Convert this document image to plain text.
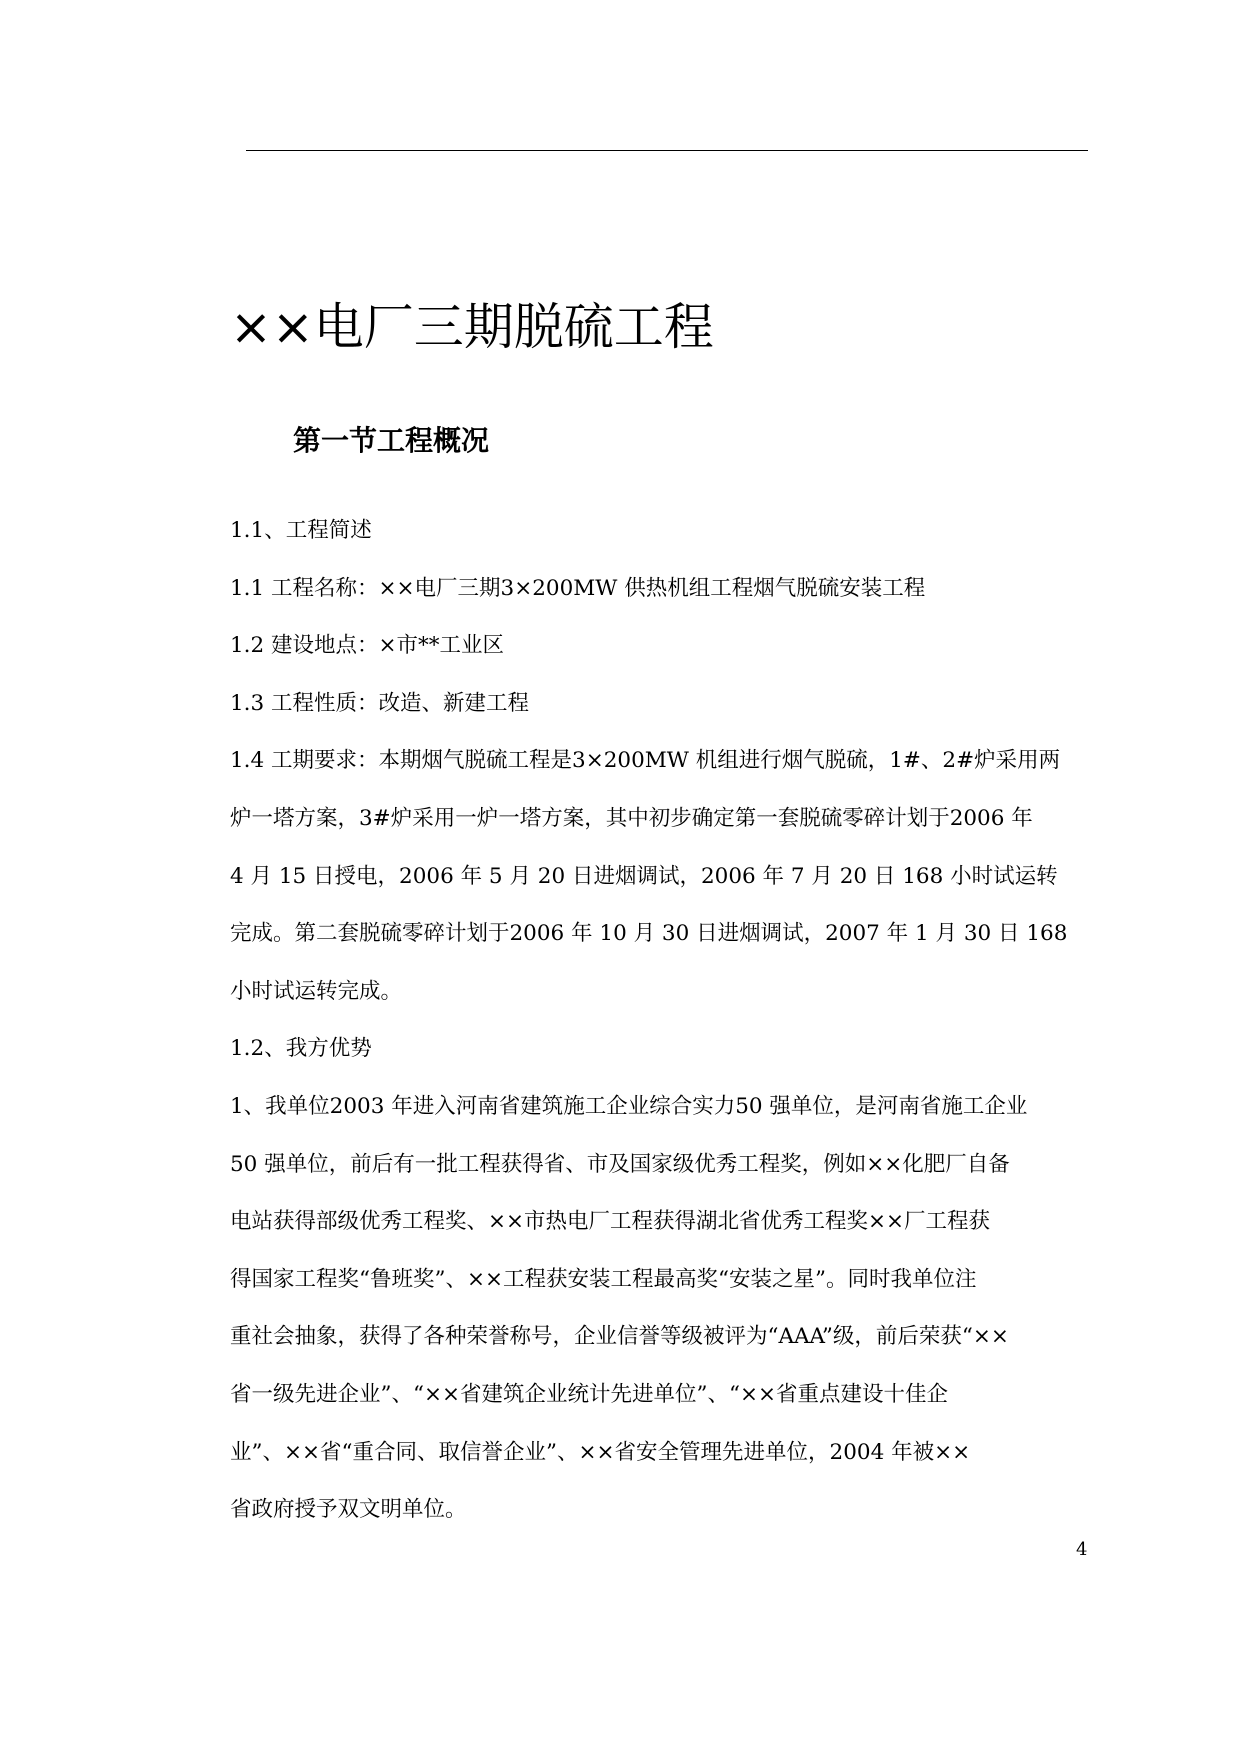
××电厂三期脱硫工程
第一节工程概况
1.1、工程简述
1.1 工程名称：××电厂三期3×200MW 供热机组工程烟气脱硫安装工程
1.2 建设地点：×市**工业区
1.3 工程性质：改造、新建工程
1.4 工期要求：本期烟气脱硫工程是3×200MW 机组进行烟气脱硫，1#、2#炉采用两
炉一塔方案，3#炉采用一炉一塔方案，其中初步确定第一套脱硫零碎计划于2006 年
4 月 15 日授电，2006 年 5 月 20 日进烟调试，2006 年 7 月 20 日 168 小时试运转
完成。第二套脱硫零碎计划于2006 年 10 月 30 日进烟调试，2007 年 1 月 30 日 168
小时试运转完成。
1.2、我方优势
1、我单位2003 年进入河南省建筑施工企业综合实力50 强单位，是河南省施工企业
50 强单位，前后有一批工程获得省、市及国家级优秀工程奖，例如××化肥厂自备
电站获得部级优秀工程奖、××市热电厂工程获得湖北省优秀工程奖××厂工程获
得国家工程奖“鲁班奖”、××工程获安装工程最高奖“安装之星”。同时我单位注
重社会抽象，获得了各种荣誉称号，企业信誉等级被评为“AAA”级，前后荣获“××
省一级先进企业”、“××省建筑企业统计先进单位”、“××省重点建设十佳企
业”、××省“重合同、取信誉企业”、××省安全管理先进单位，2004 年被××
省政府授予双文明单位。
4
